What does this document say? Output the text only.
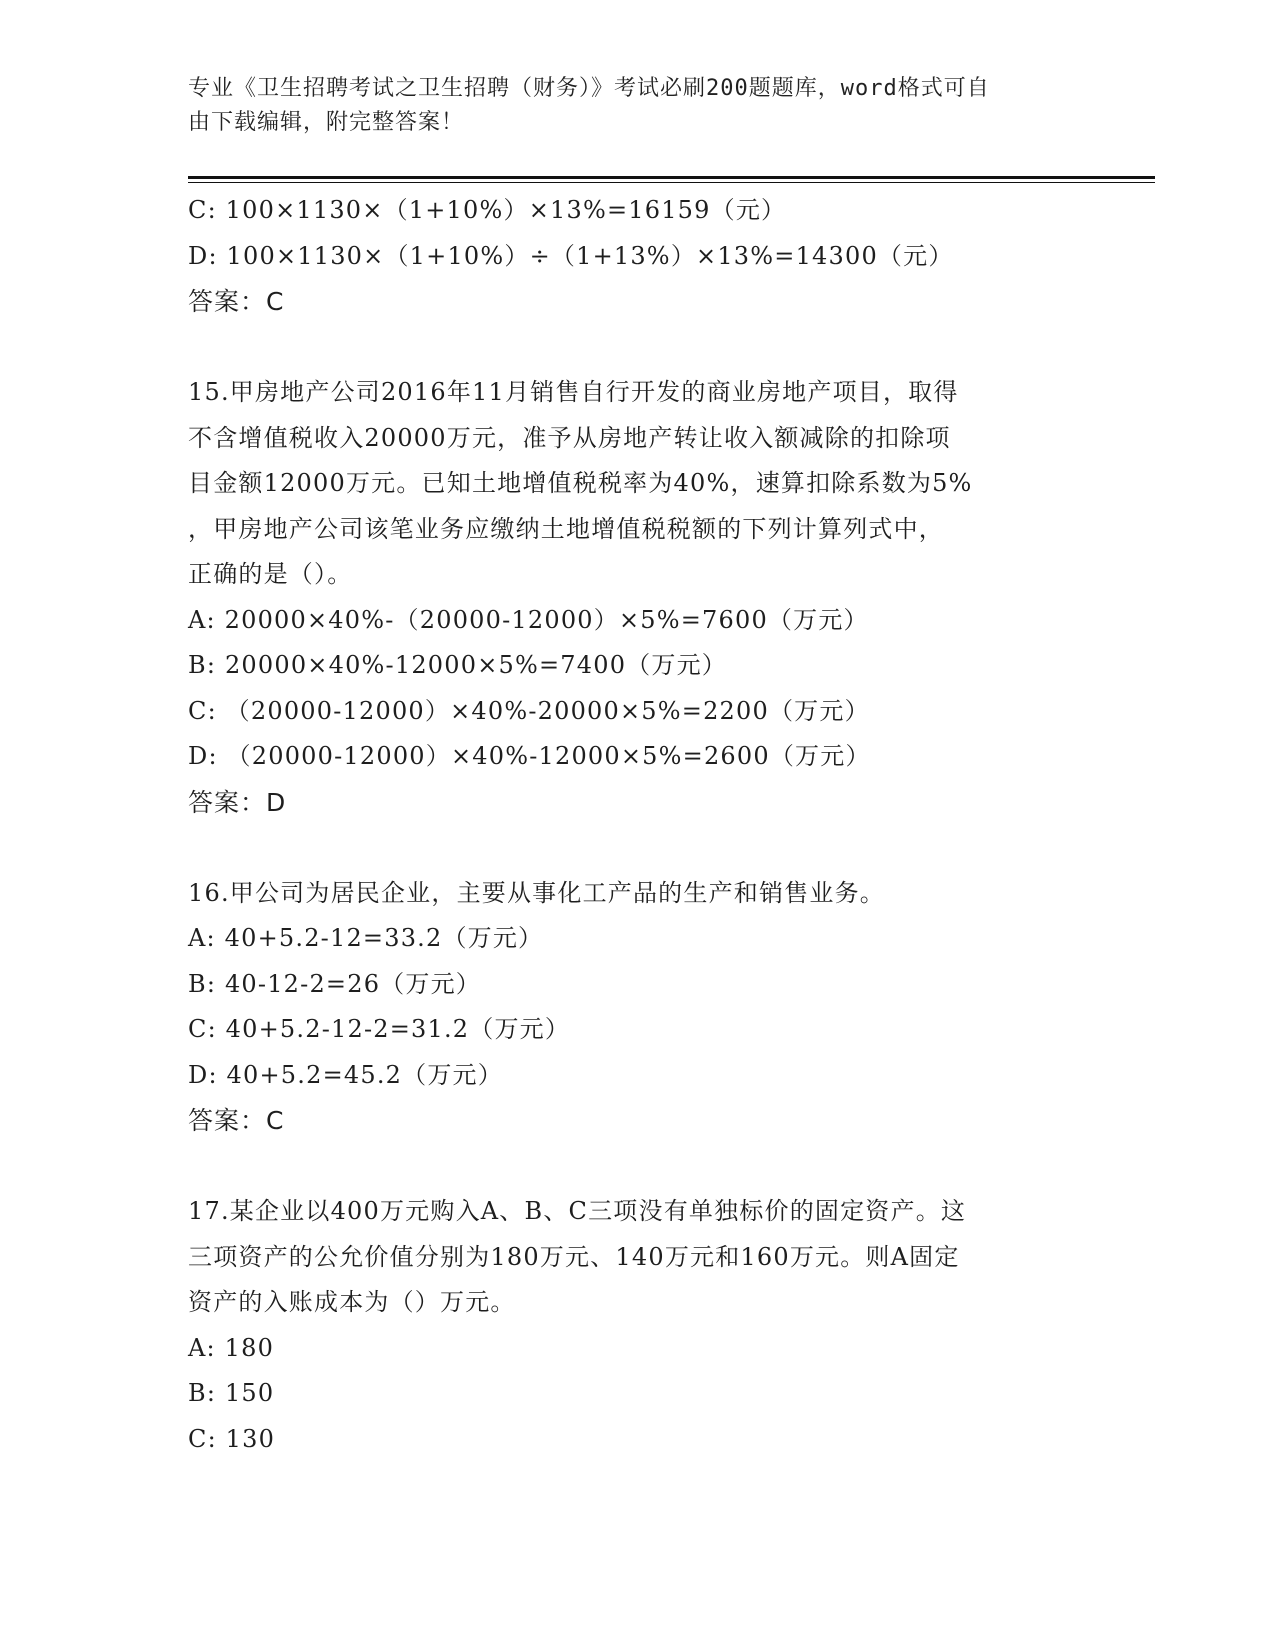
专业《卫生招聘考试之卫生招聘（财务）》考试必刷200题题库，word格式可自
由下载编辑，附完整答案！
C: 100×1130×（1+10%）×13%=16159（元）
D: 100×1130×（1+10%）÷（1+13%）×13%=14300（元）
答案：C
15.甲房地产公司2016年11月销售自行开发的商业房地产项目，取得
不含增值税收入20000万元，准予从房地产转让收入额减除的扣除项
目金额12000万元。已知土地增值税税率为40%，速算扣除系数为5%
，甲房地产公司该笔业务应缴纳土地增值税税额的下列计算列式中，
正确的是（）。
A: 20000×40%-（20000-12000）×5%=7600（万元）
B: 20000×40%-12000×5%=7400（万元）
C: （20000-12000）×40%-20000×5%=2200（万元）
D: （20000-12000）×40%-12000×5%=2600（万元）
答案：D
16.甲公司为居民企业，主要从事化工产品的生产和销售业务。
A: 40+5.2-12=33.2（万元）
B: 40-12-2=26（万元）
C: 40+5.2-12-2=31.2（万元）
D: 40+5.2=45.2（万元）
答案：C
17.某企业以400万元购入A、B、C三项没有单独标价的固定资产。这
三项资产的公允价值分别为180万元、140万元和160万元。则A固定
资产的入账成本为（）万元。
A: 180
B: 150
C: 130
